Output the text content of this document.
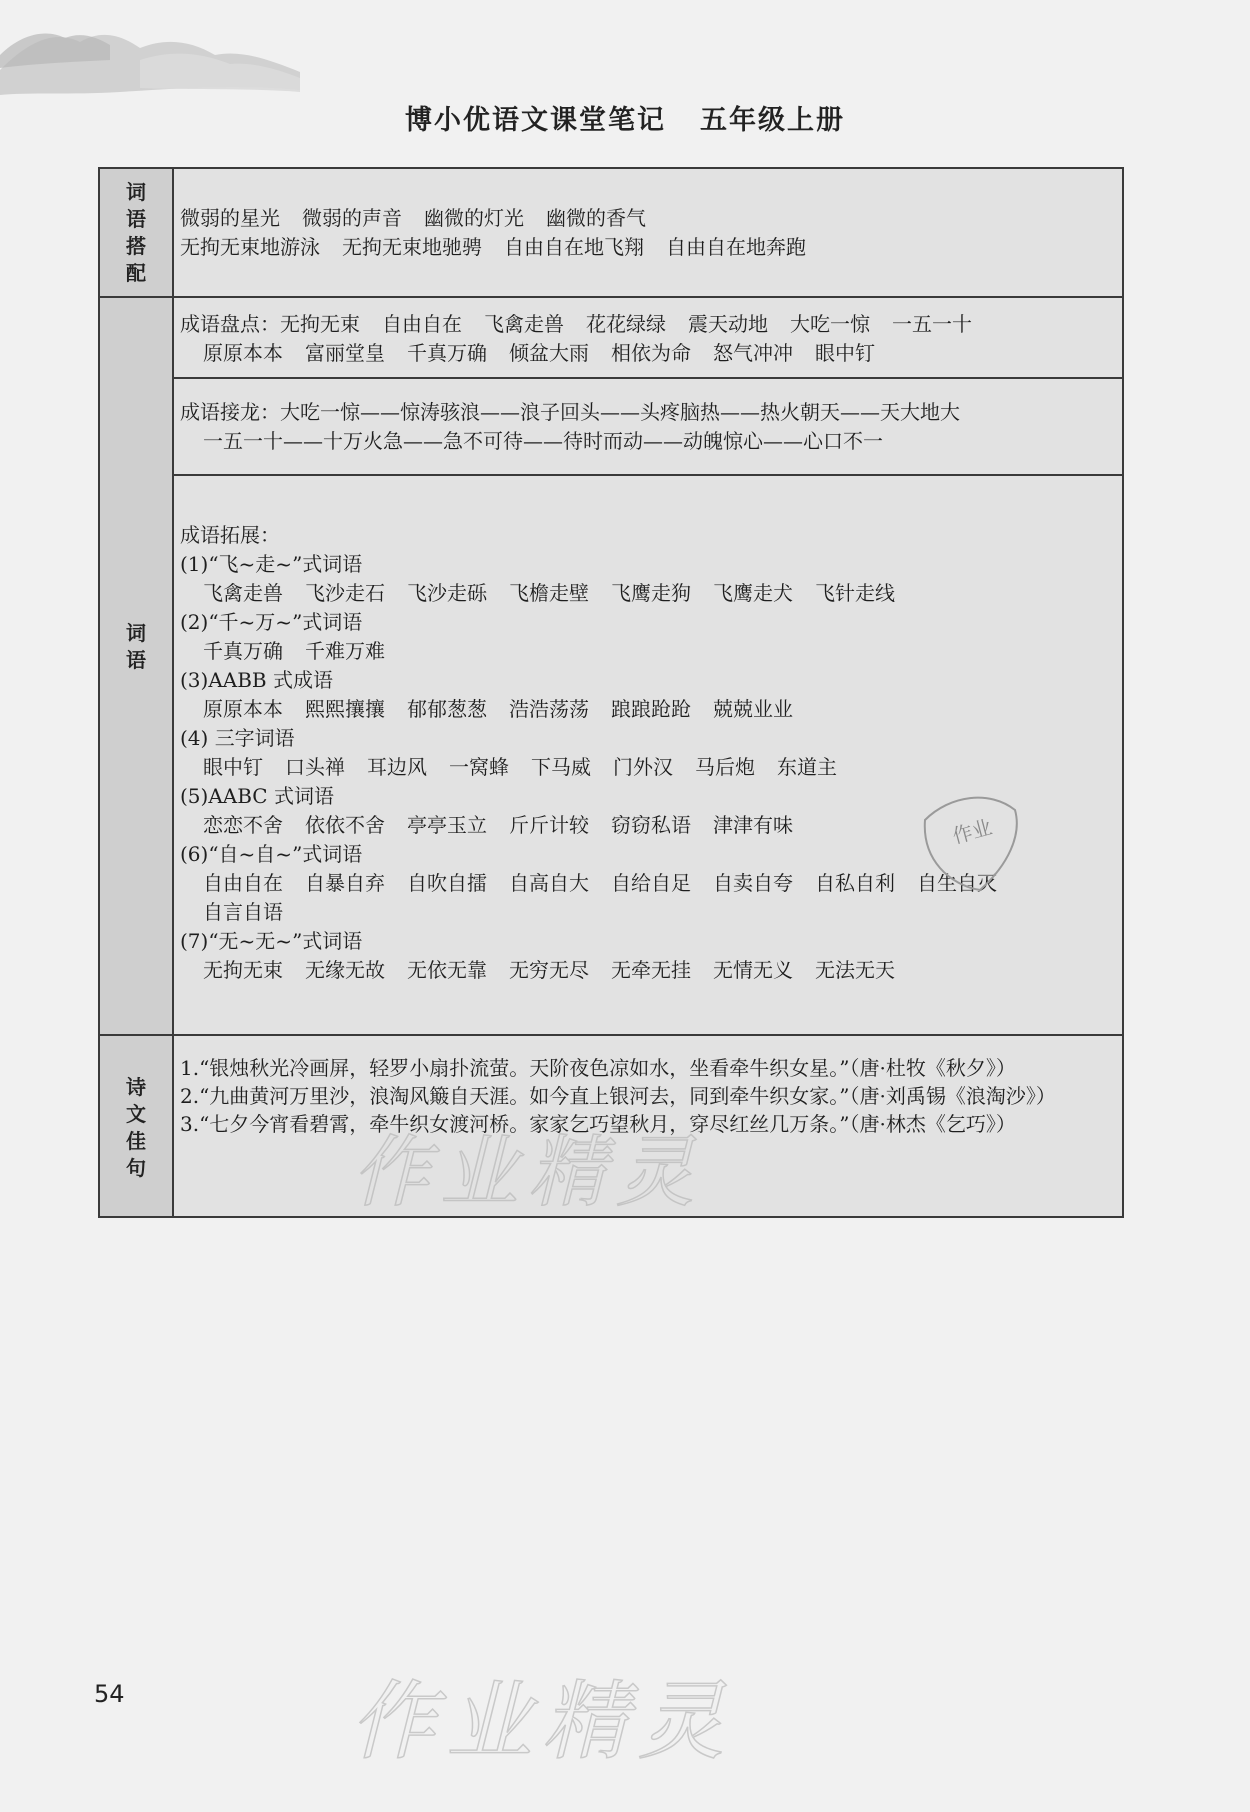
博小优语文课堂笔记 五年级上册
词
语
搭
配
词
语
诗
文
佳
句
微弱的星光 微弱的声音 幽微的灯光 幽微的香气
无拘无束地游泳 无拘无束地驰骋 自由自在地飞翔 自由自在地奔跑
成语盘点：无拘无束 自由自在 飞禽走兽 花花绿绿 震天动地 大吃一惊 一五一十
原原本本 富丽堂皇 千真万确 倾盆大雨 相依为命 怒气冲冲 眼中钉
成语接龙：大吃一惊——惊涛骇浪——浪子回头——头疼脑热——热火朝天——天大地大
一五一十——十万火急——急不可待——待时而动——动魄惊心——心口不一
成语拓展：
(1)“飞~走~”式词语
飞禽走兽 飞沙走石 飞沙走砾 飞檐走壁 飞鹰走狗 飞鹰走犬 飞针走线
(2)“千~万~”式词语
千真万确 千难万难
(3)AABB 式成语
原原本本 熙熙攘攘 郁郁葱葱 浩浩荡荡 踉踉跄跄 兢兢业业
(4) 三字词语
眼中钉 口头禅 耳边风 一窝蜂 下马威 门外汉 马后炮 东道主
(5)AABC 式词语
恋恋不舍 依依不舍 亭亭玉立 斤斤计较 窃窃私语 津津有味
(6)“自~自~”式词语
自由自在 自暴自弃 自吹自擂 自高自大 自给自足 自卖自夸 自私自利 自生自灭
自言自语
(7)“无~无~”式词语
无拘无束 无缘无故 无依无靠 无穷无尽 无牵无挂 无情无义 无法无天
1.“银烛秋光冷画屏，轻罗小扇扑流萤。天阶夜色凉如水，坐看牵牛织女星。”（唐·杜牧《秋夕》）
2.“九曲黄河万里沙，浪淘风簸自天涯。如今直上银河去，同到牵牛织女家。”（唐·刘禹锡《浪淘沙》）
3.“七夕今宵看碧霄，牵牛织女渡河桥。家家乞巧望秋月，穿尽红丝几万条。”（唐·林杰《乞巧》）
作业
作业精灵
54	作业精灵
